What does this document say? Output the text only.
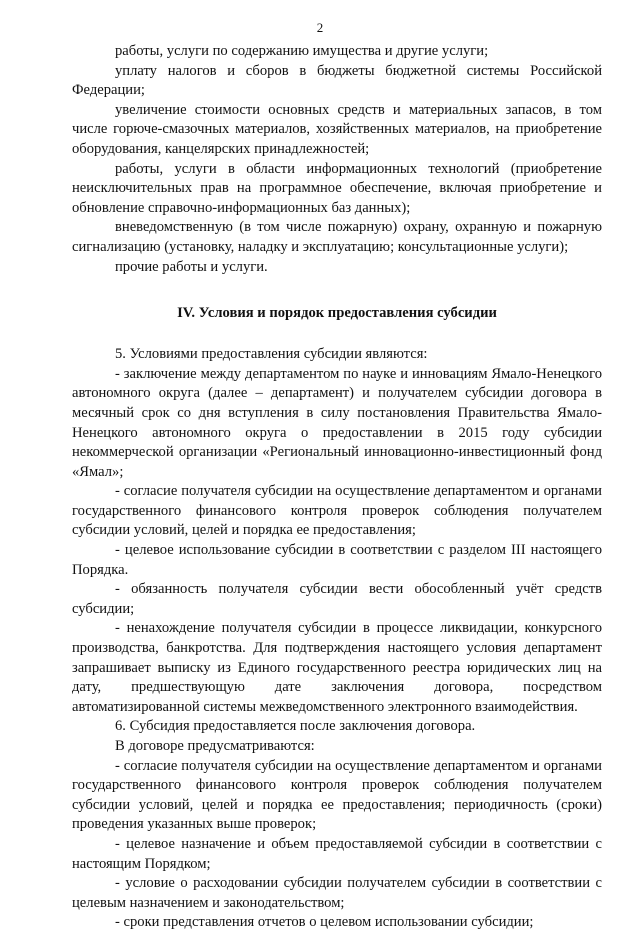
2

работы, услуги по содержанию имущества и другие услуги;

уплату налогов и сборов в бюджеты бюджетной системы Российской Федерации;

увеличение стоимости основных средств и материальных запасов, в том числе горюче-смазочных материалов, хозяйственных материалов, на приобретение оборудования, канцелярских принадлежностей;

работы, услуги в области информационных технологий (приобретение неисключительных прав на программное обеспечение, включая приобретение и обновление справочно-информационных баз данных);

вневедомственную (в том числе пожарную) охрану, охранную и пожарную сигнализацию (установку, наладку и эксплуатацию; консультационные услуги);

прочие работы и услуги.

IV. Условия и порядок предоставления субсидии

5. Условиями предоставления субсидии являются:

- заключение между департаментом по науке и инновациям Ямало-Ненецкого автономного округа (далее – департамент) и получателем субсидии договора в месячный срок со дня вступления в силу постановления Правительства Ямало-Ненецкого автономного округа о предоставлении в 2015 году субсидии некоммерческой организации «Региональный инновационно-инвестиционный фонд «Ямал»;

- согласие получателя субсидии на осуществление департаментом и органами государственного финансового контроля проверок соблюдения получателем субсидии условий, целей и порядка ее предоставления;

- целевое использование субсидии в соответствии с разделом III настоящего Порядка.

- обязанность получателя субсидии вести обособленный учёт средств субсидии;

- ненахождение получателя субсидии в процессе ликвидации, конкурсного производства, банкротства. Для подтверждения настоящего условия департамент запрашивает выписку из Единого государственного реестра юридических лиц на дату, предшествующую дате заключения договора, посредством автоматизированной системы межведомственного электронного взаимодействия.

6. Субсидия предоставляется после заключения договора.

В договоре предусматриваются:

- согласие получателя субсидии на осуществление департаментом и органами государственного финансового контроля проверок соблюдения получателем субсидии условий, целей и порядка ее предоставления; периодичность (сроки) проведения указанных выше проверок;

- целевое назначение и объем предоставляемой субсидии в соответствии с настоящим Порядком;

- условие о расходовании субсидии получателем субсидии в соответствии с целевым назначением и законодательством;

- сроки представления отчетов о целевом использовании субсидии;
